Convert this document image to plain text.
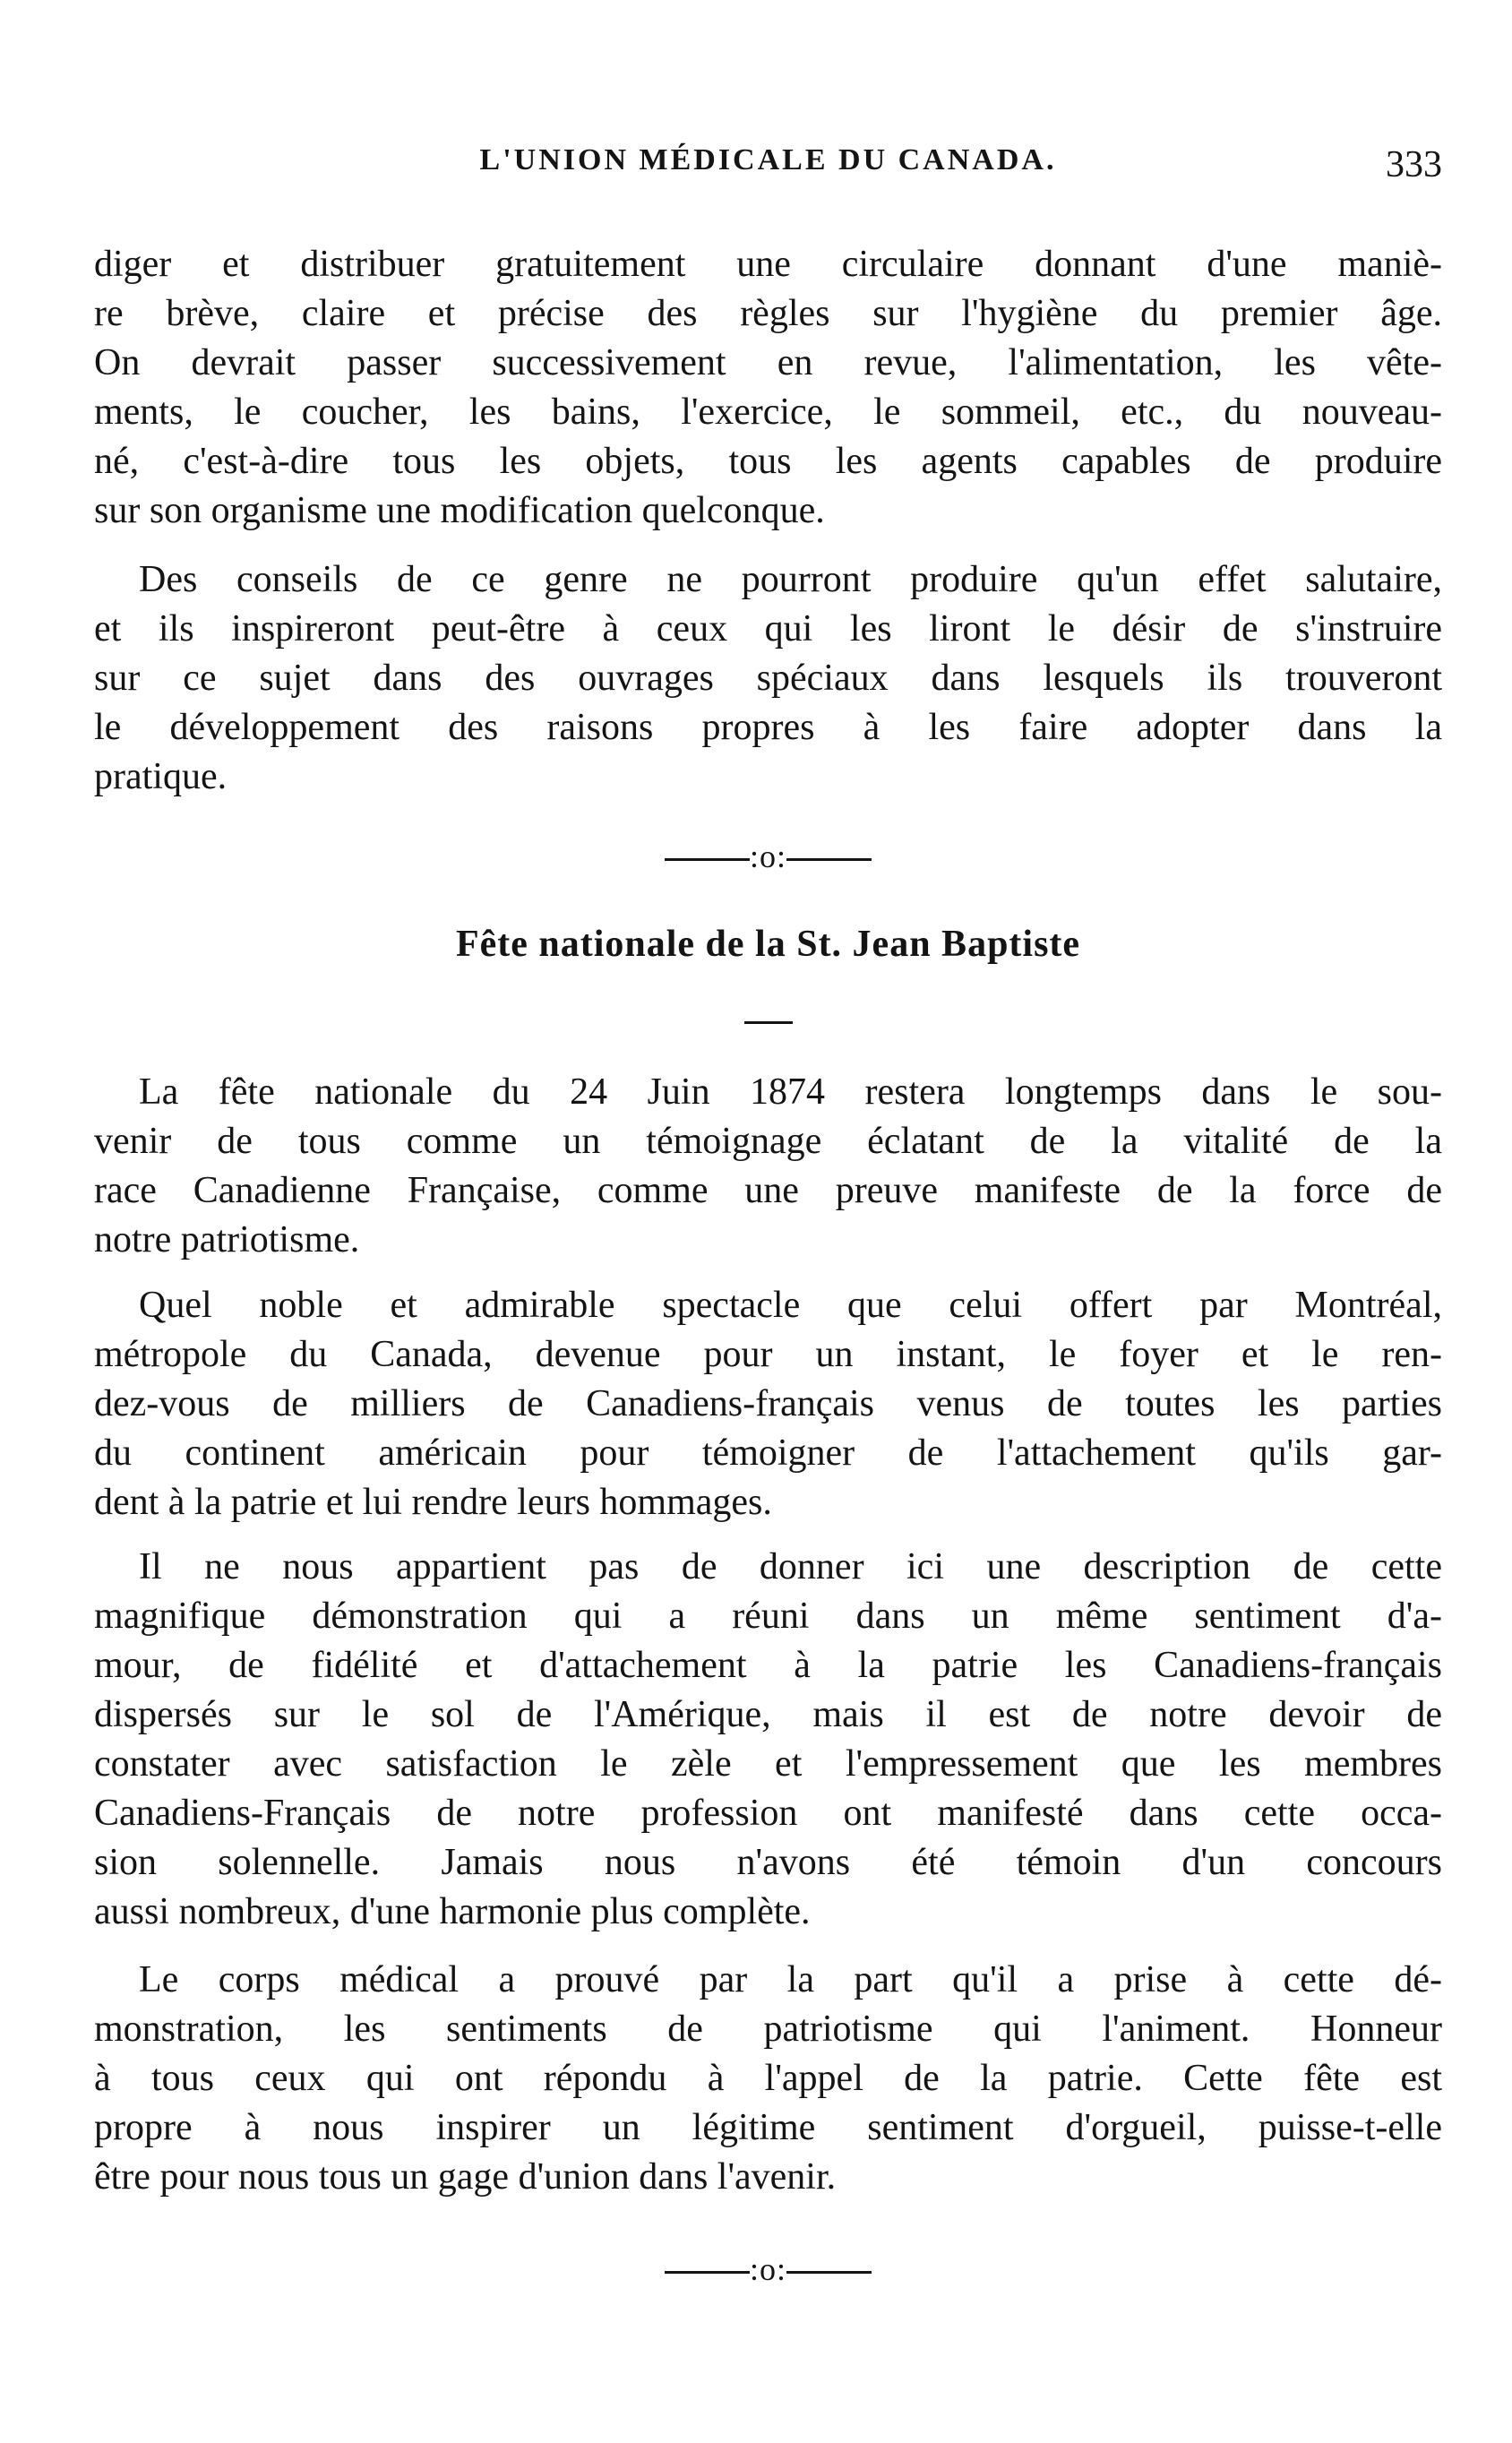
L'UNION MÉDICALE DU CANADA.	333

diger et distribuer gratuitement une circulaire donnant d'une maniè-
re brève, claire et précise des règles sur l'hygiène du premier âge.
On devrait passer successivement en revue, l'alimentation, les vête-
ments, le coucher, les bains, l'exercice, le sommeil, etc., du nouveau-
né, c'est-à-dire tous les objets, tous les agents capables de produire
sur son organisme une modification quelconque.

Des conseils de ce genre ne pourront produire qu'un effet salutaire,
et ils inspireront peut-être à ceux qui les liront le désir de s'instruire
sur ce sujet dans des ouvrages spéciaux dans lesquels ils trouveront
le développement des raisons propres à les faire adopter dans la
pratique.

:o:
Fête nationale de la St. Jean Baptiste

La fête nationale du 24 Juin 1874 restera longtemps dans le sou-
venir de tous comme un témoignage éclatant de la vitalité de la
race Canadienne Française, comme une preuve manifeste de la force de
notre patriotisme.

Quel noble et admirable spectacle que celui offert par Montréal,
métropole du Canada, devenue pour un instant, le foyer et le ren-
dez-vous de milliers de Canadiens-français venus de toutes les parties
du continent américain pour témoigner de l'attachement qu'ils gar-
dent à la patrie et lui rendre leurs hommages.

Il ne nous appartient pas de donner ici une description de cette
magnifique démonstration qui a réuni dans un même sentiment d'a-
mour, de fidélité et d'attachement à la patrie les Canadiens-français
dispersés sur le sol de l'Amérique, mais il est de notre devoir de
constater avec satisfaction le zèle et l'empressement que les membres
Canadiens-Français de notre profession ont manifesté dans cette occa-
sion solennelle. Jamais nous n'avons été témoin d'un concours
aussi nombreux, d'une harmonie plus complète.

Le corps médical a prouvé par la part qu'il a prise à cette dé-
monstration, les sentiments de patriotisme qui l'animent. Honneur
à tous ceux qui ont répondu à l'appel de la patrie. Cette fête est
propre à nous inspirer un légitime sentiment d'orgueil, puisse-t-elle
être pour nous tous un gage d'union dans l'avenir.

:o:
